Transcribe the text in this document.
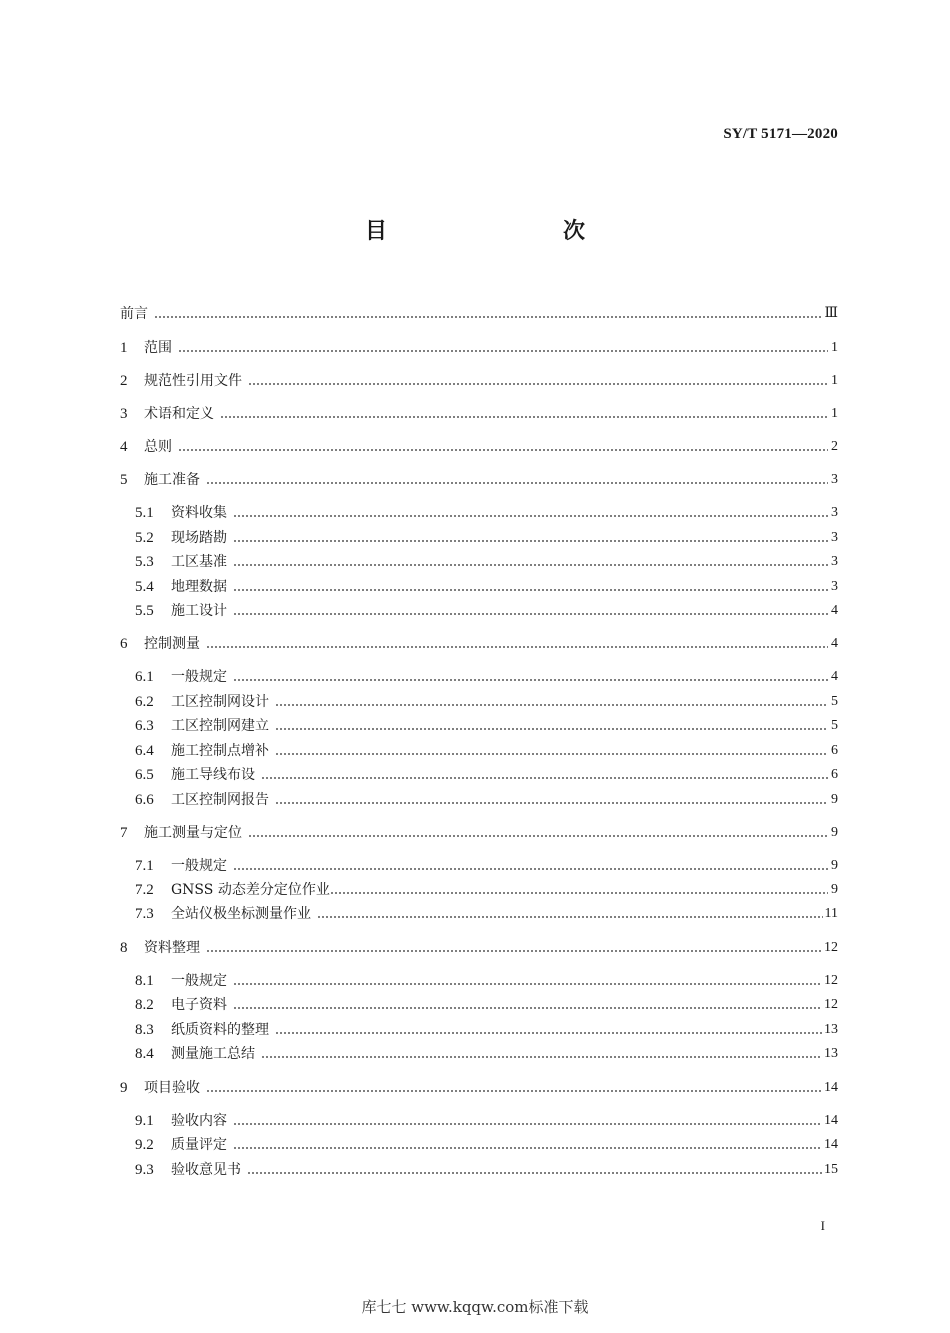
SY/T 5171—2020
目　　次
前言	Ⅲ
1	范围	1
2	规范性引用文件	1
3	术语和定义	1
4	总则	2
5	施工准备	3
5.1	资料收集	3
5.2	现场踏勘	3
5.3	工区基准	3
5.4	地理数据	3
5.5	施工设计	4
6	控制测量	4
6.1	一般规定	4
6.2	工区控制网设计	5
6.3	工区控制网建立	5
6.4	施工控制点增补	6
6.5	施工导线布设	6
6.6	工区控制网报告	9
7	施工测量与定位	9
7.1	一般规定	9
7.2	GNSS 动态差分定位作业	9
7.3	全站仪极坐标测量作业	11
8	资料整理	12
8.1	一般规定	12
8.2	电子资料	12
8.3	纸质资料的整理	13
8.4	测量施工总结	13
9	项目验收	14
9.1	验收内容	14
9.2	质量评定	14
9.3	验收意见书	15
I
库七七 www.kqqw.com标准下载
